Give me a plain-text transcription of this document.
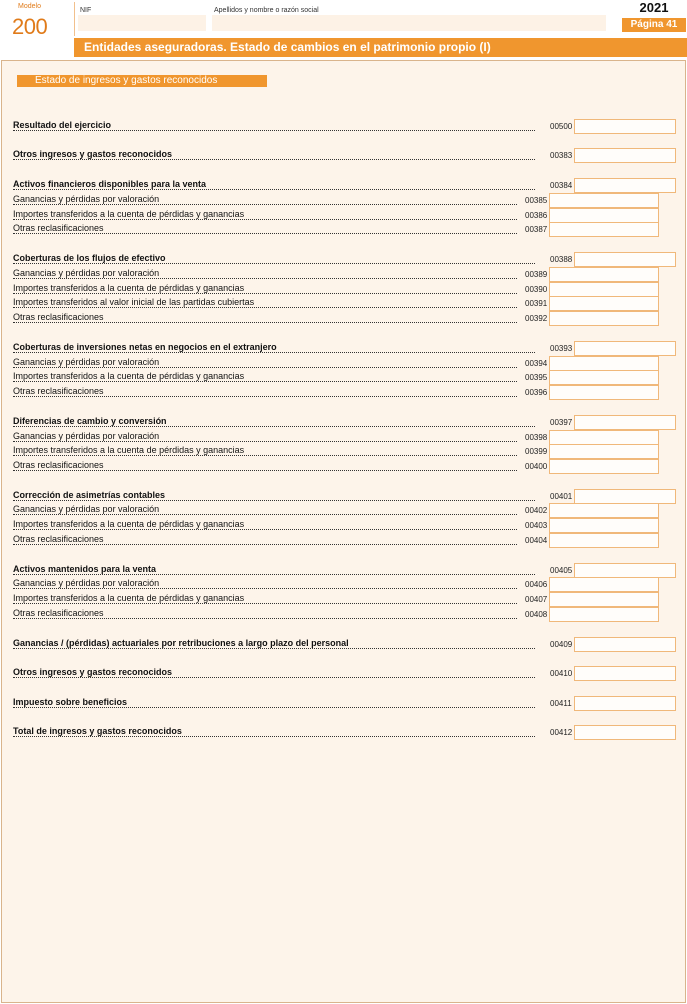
Modelo
200
NIF	Apellidos y nombre o razón social	2021
Página 41
Entidades aseguradoras. Estado de cambios en el patrimonio propio (I)
Estado de ingresos y gastos reconocidos
Resultado del ejercicio	00500
Otros ingresos y gastos reconocidos	00383
Activos financieros disponibles para la venta	00384
Ganancias y pérdidas por valoración	00385
Importes transferidos a la cuenta de pérdidas y ganancias	00386
Otras reclasificaciones	00387
Coberturas de los flujos de efectivo	00388
Ganancias y pérdidas por valoración	00389
Importes transferidos a la cuenta de pérdidas y ganancias	00390
Importes transferidos al valor inicial de las partidas cubiertas	00391
Otras reclasificaciones	00392
Coberturas de inversiones netas en negocios en el extranjero	00393
Ganancias y pérdidas por valoración	00394
Importes transferidos a la cuenta de pérdidas y ganancias	00395
Otras reclasificaciones	00396
Diferencias de cambio y conversión	00397
Ganancias y pérdidas por valoración	00398
Importes transferidos a la cuenta de pérdidas y ganancias	00399
Otras reclasificaciones	00400
Corrección de asimetrías contables	00401
Ganancias y pérdidas por valoración	00402
Importes transferidos a la cuenta de pérdidas y ganancias	00403
Otras reclasificaciones	00404
Activos mantenidos para la venta	00405
Ganancias y pérdidas por valoración	00406
Importes transferidos a la cuenta de pérdidas y ganancias	00407
Otras reclasificaciones	00408
Ganancias / (pérdidas) actuariales por retribuciones a largo plazo del personal	00409
Otros ingresos y gastos reconocidos	00410
Impuesto sobre beneficios	00411
Total de ingresos y gastos reconocidos	00412
